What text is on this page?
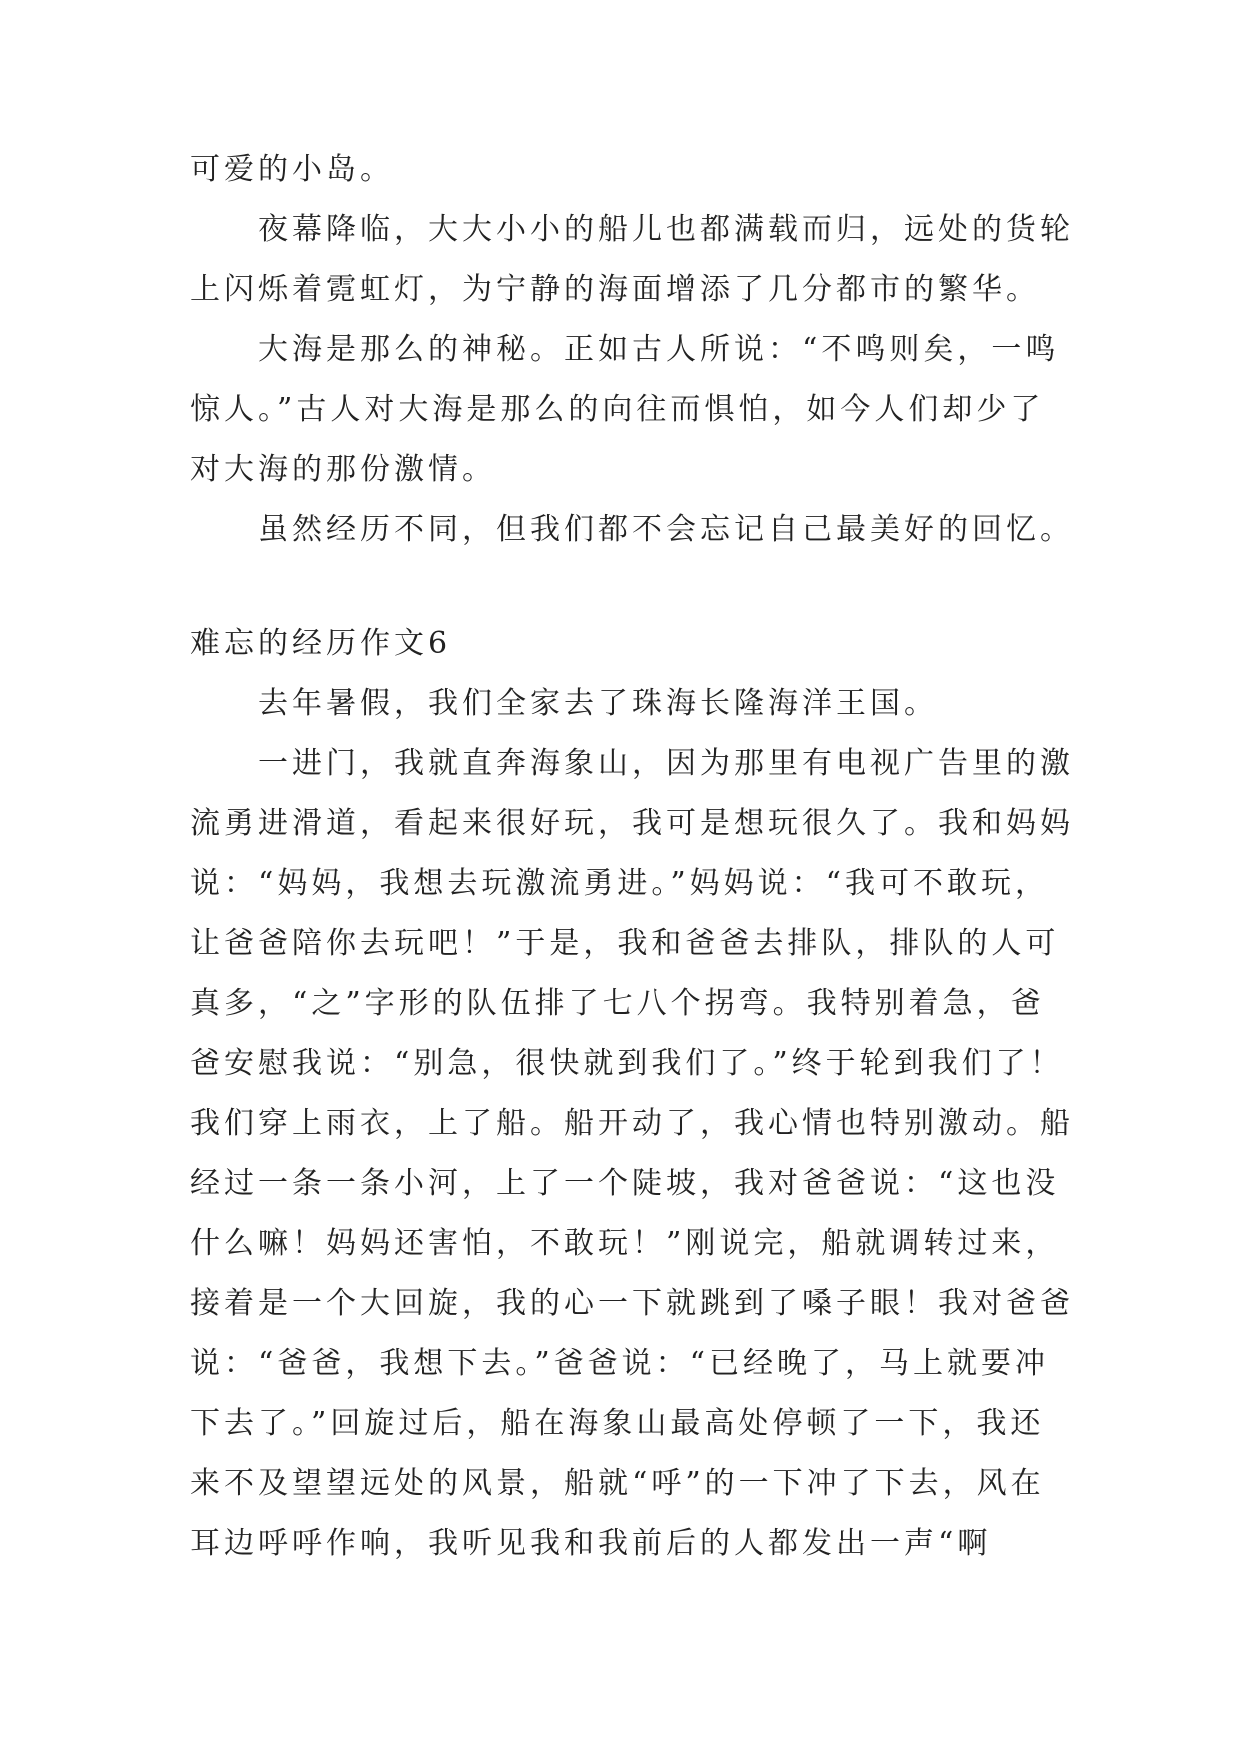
可爱的小岛。
夜幕降临，大大小小的船儿也都满载而归，远处的货轮
上闪烁着霓虹灯，为宁静的海面增添了几分都市的繁华。
大海是那么的神秘。正如古人所说：“不鸣则矣，一鸣
惊人。”古人对大海是那么的向往而惧怕，如今人们却少了
对大海的那份激情。
虽然经历不同，但我们都不会忘记自己最美好的回忆。
难忘的经历作文6
去年暑假，我们全家去了珠海长隆海洋王国。
一进门，我就直奔海象山，因为那里有电视广告里的激
流勇进滑道，看起来很好玩，我可是想玩很久了。我和妈妈
说：“妈妈，我想去玩激流勇进。”妈妈说：“我可不敢玩，
让爸爸陪你去玩吧！”于是，我和爸爸去排队，排队的人可
真多，“之”字形的队伍排了七八个拐弯。我特别着急，爸
爸安慰我说：“别急，很快就到我们了。”终于轮到我们了！
我们穿上雨衣，上了船。船开动了，我心情也特别激动。船
经过一条一条小河，上了一个陡坡，我对爸爸说：“这也没
什么嘛！妈妈还害怕，不敢玩！”刚说完，船就调转过来，
接着是一个大回旋，我的心一下就跳到了嗓子眼！我对爸爸
说：“爸爸，我想下去。”爸爸说：“已经晚了，马上就要冲
下去了。”回旋过后，船在海象山最高处停顿了一下，我还
来不及望望远处的风景，船就“呼”的一下冲了下去，风在
耳边呼呼作响，我听见我和我前后的人都发出一声“啊
